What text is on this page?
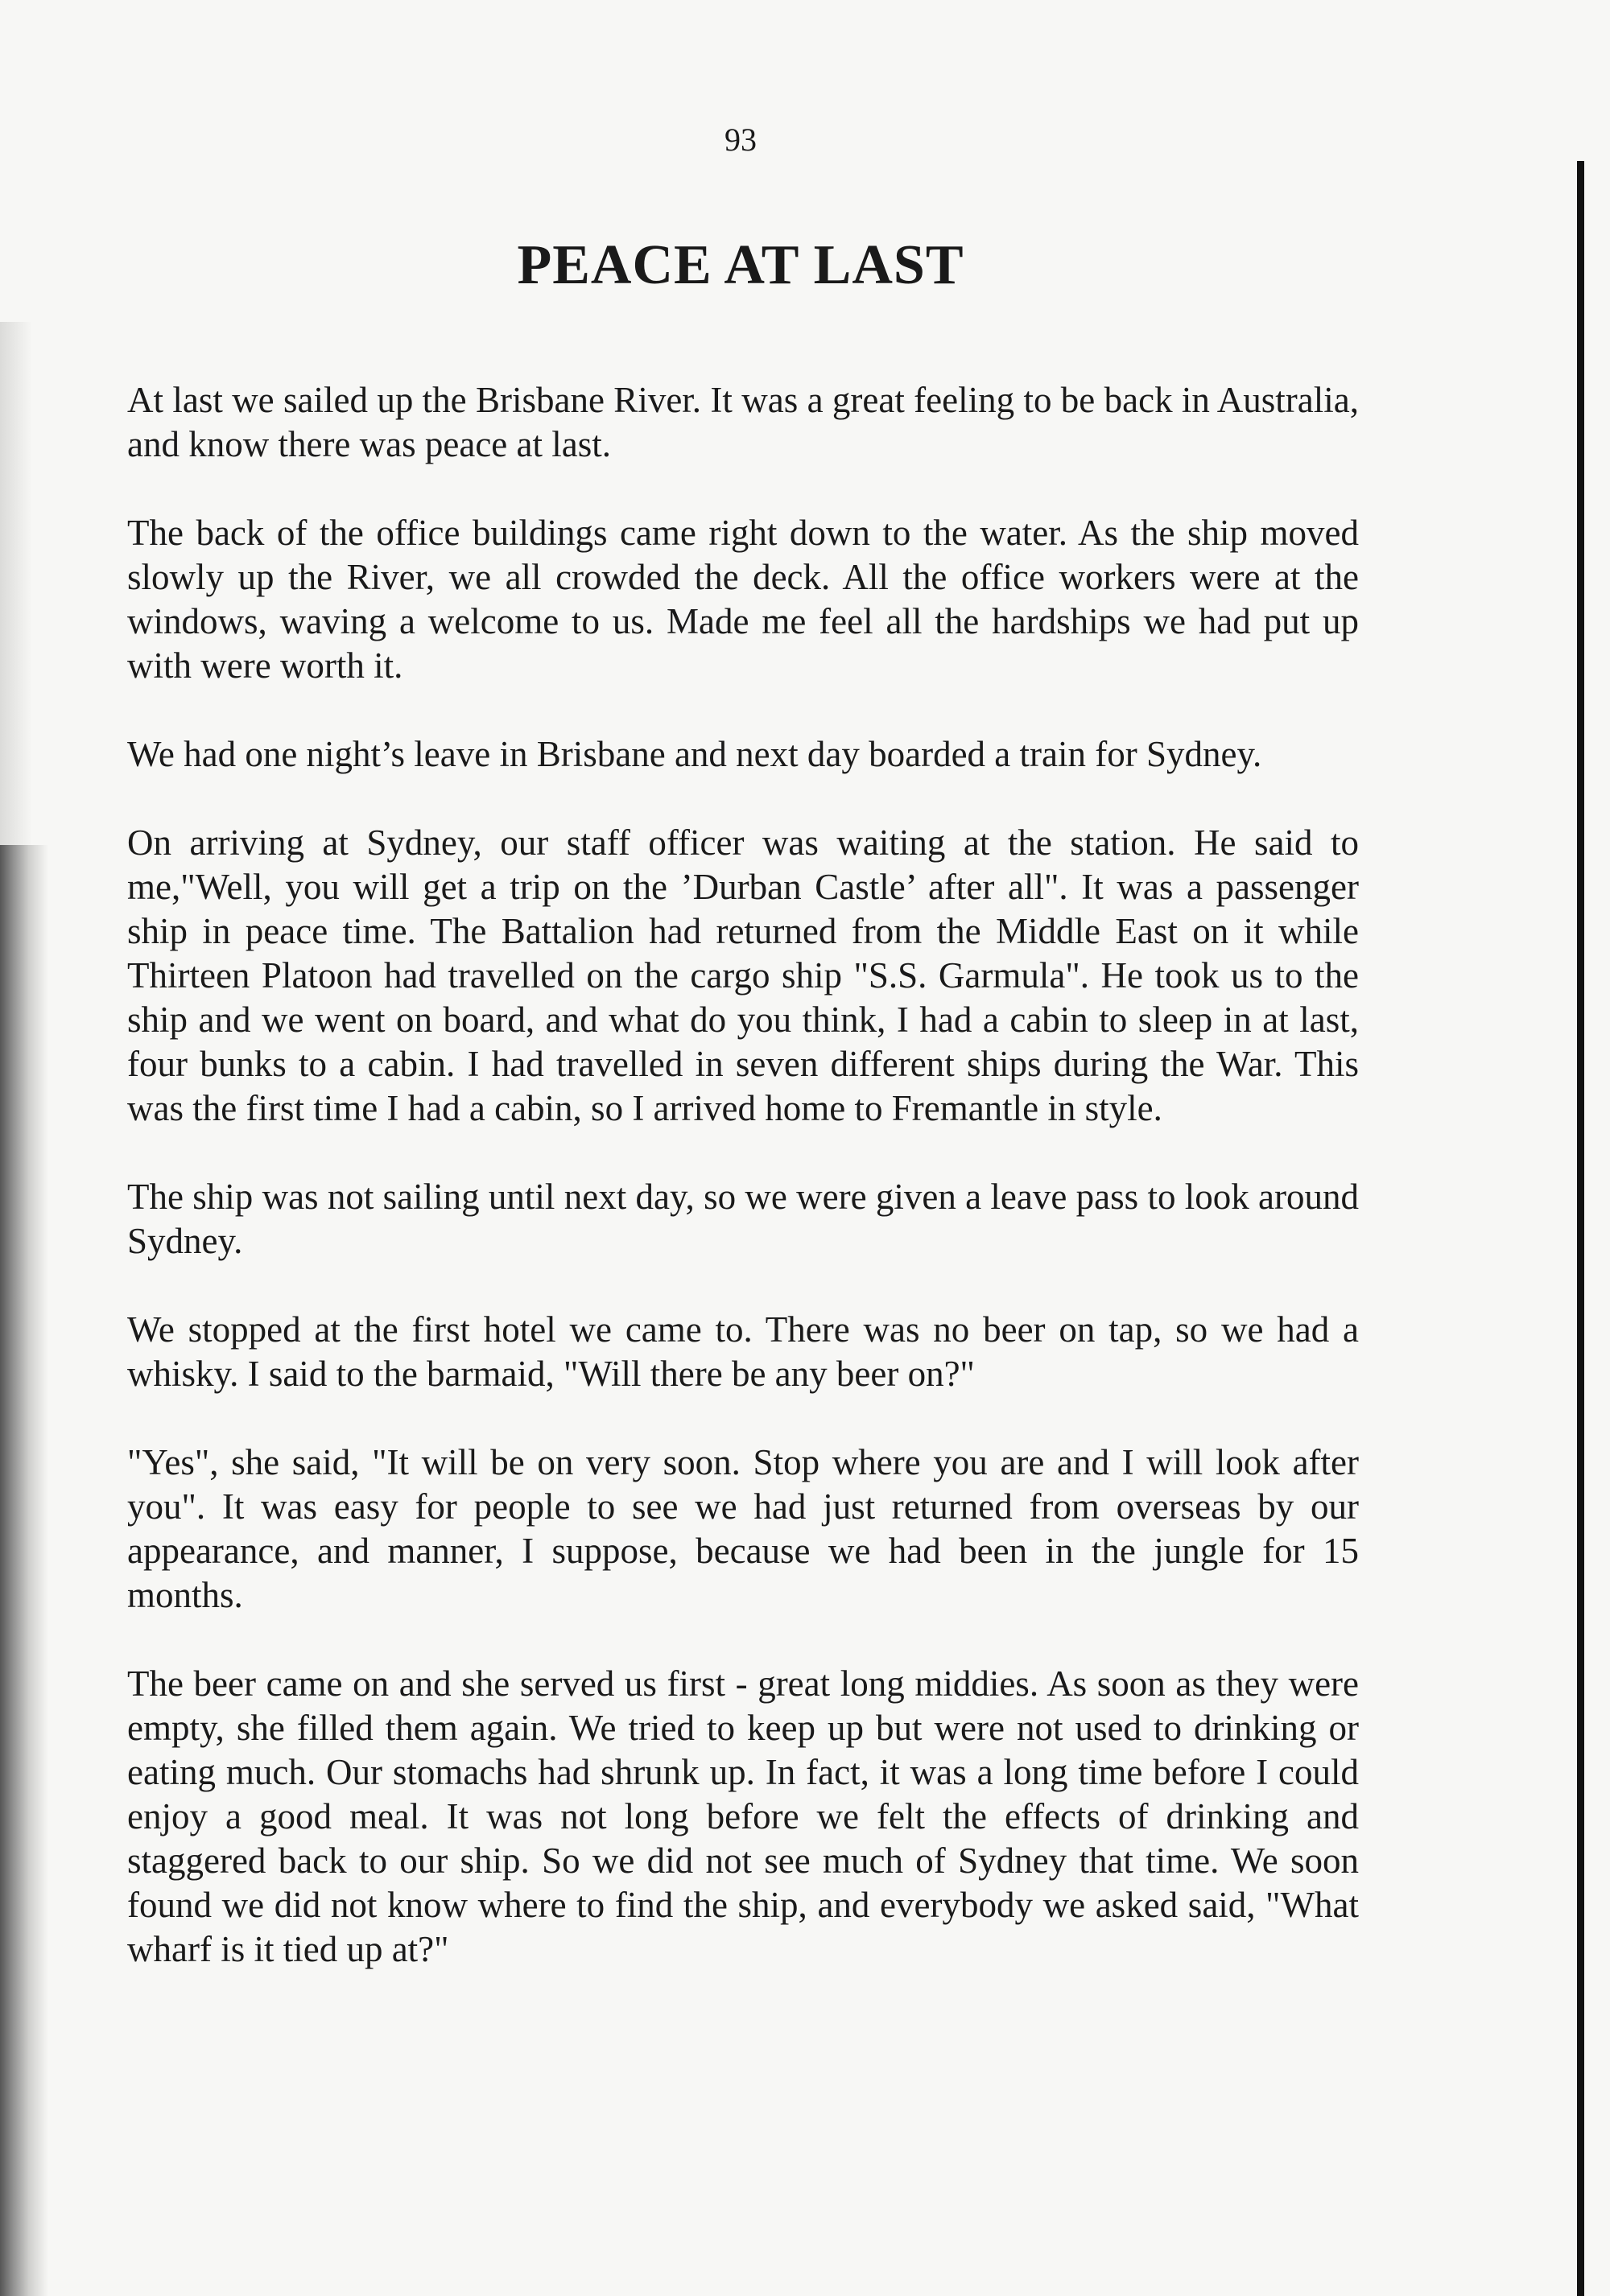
93
PEACE AT LAST

At last we sailed up the Brisbane River. It was a great feeling to be back in Australia, and know there was peace at last.

The back of the office buildings came right down to the water. As the ship moved slowly up the River, we all crowded the deck. All the office workers were at the windows, waving a welcome to us. Made me feel all the hardships we had put up with were worth it.

We had one night’s leave in Brisbane and next day boarded a train for Sydney.

On arriving at Sydney, our staff officer was waiting at the station. He said to me,"Well, you will get a trip on the ’Durban Castle’ after all". It was a passenger ship in peace time. The Battalion had returned from the Middle East on it while Thirteen Platoon had travelled on the cargo ship "S.S. Garmula". He took us to the ship and we went on board, and what do you think, I had a cabin to sleep in at last, four bunks to a cabin. I had travelled in seven different ships during the War. This was the first time I had a cabin, so I arrived home to Fremantle in style.

The ship was not sailing until next day, so we were given a leave pass to look around Sydney.

We stopped at the first hotel we came to. There was no beer on tap, so we had a whisky. I said to the barmaid, "Will there be any beer on?"

"Yes", she said, "It will be on very soon. Stop where you are and I will look after you". It was easy for people to see we had just returned from overseas by our appearance, and manner, I suppose, because we had been in the jungle for 15 months.

The beer came on and she served us first - great long middies. As soon as they were empty, she filled them again. We tried to keep up but were not used to drinking or eating much. Our stomachs had shrunk up. In fact, it was a long time before I could enjoy a good meal. It was not long before we felt the effects of drinking and staggered back to our ship. So we did not see much of Sydney that time. We soon found we did not know where to find the ship, and everybody we asked said, "What wharf is it tied up at?"
